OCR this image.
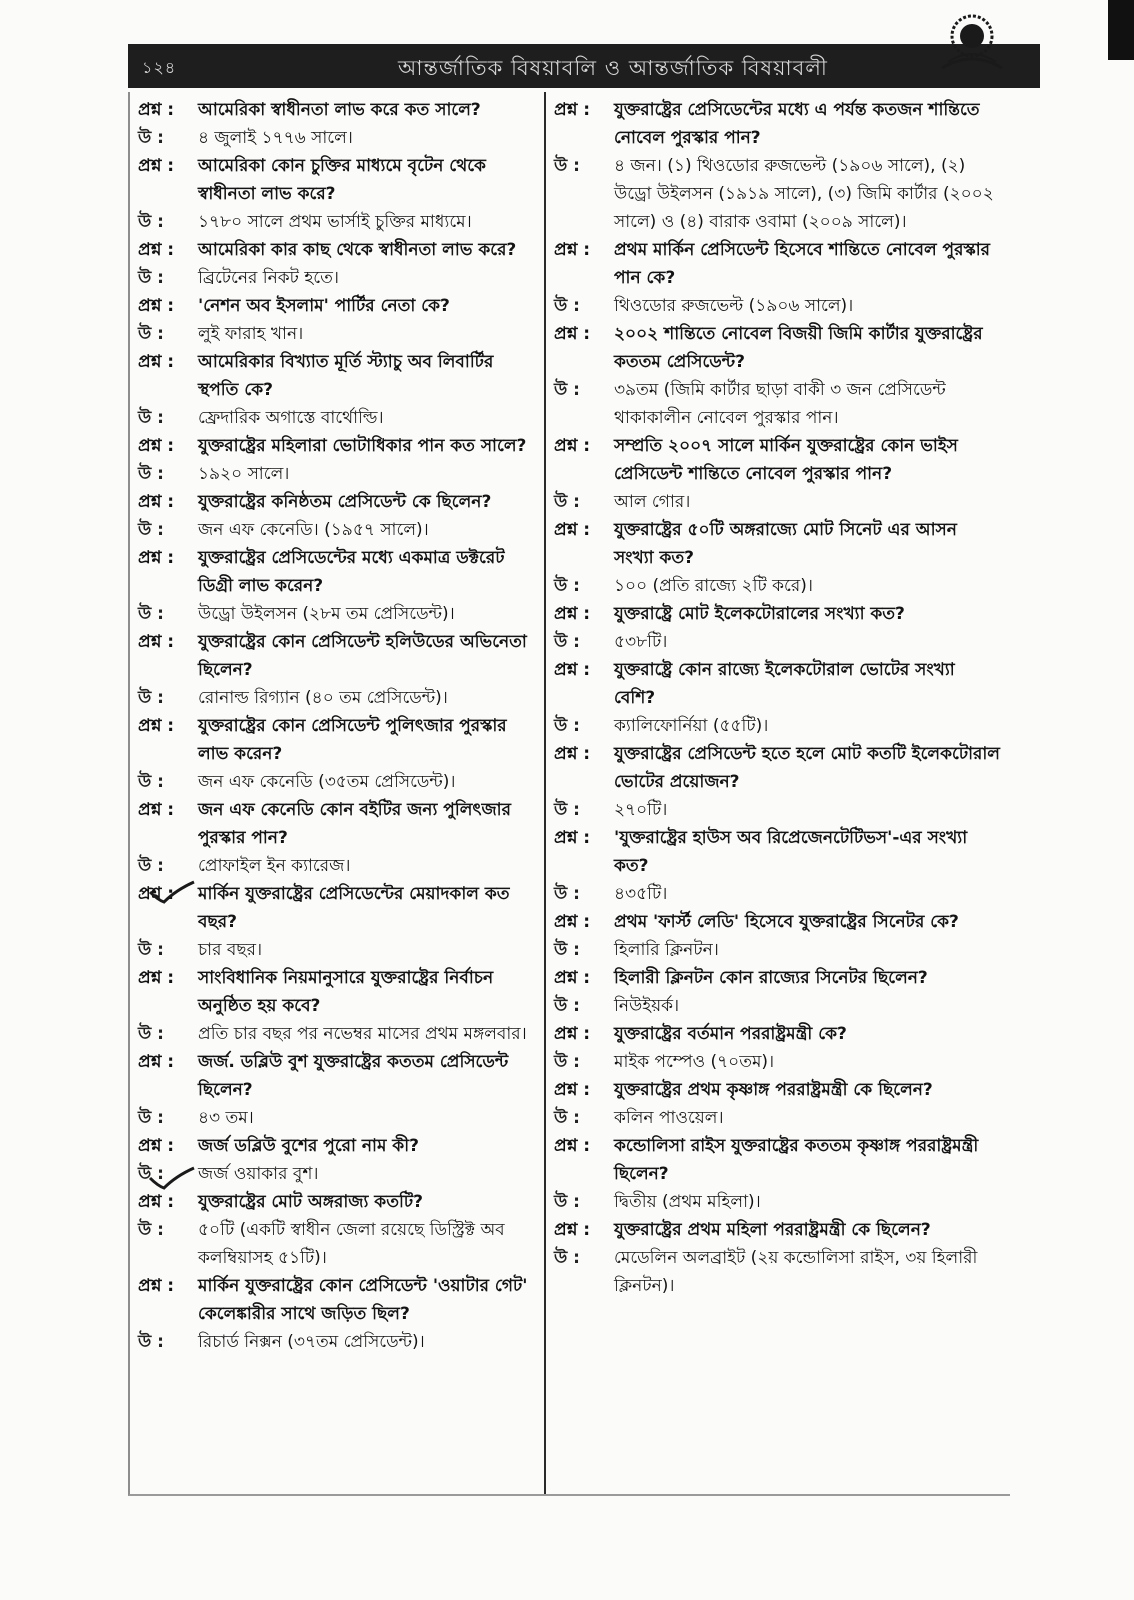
১২৪	আন্তর্জাতিক বিষয়াবলি ও আন্তর্জাতিক বিষয়াবলী
প্রশ্ন :	আমেরিকা স্বাধীনতা লাভ করে কত সালে?
উ :	৪ জুলাই ১৭৭৬ সালে।
প্রশ্ন :	আমেরিকা কোন চুক্তির মাধ্যমে বৃটেন থেকে স্বাধীনতা লাভ করে?
উ :	১৭৮০ সালে প্রথম ভার্সাই চুক্তির মাধ্যমে।
প্রশ্ন :	আমেরিকা কার কাছ থেকে স্বাধীনতা লাভ করে?
উ :	ব্রিটেনের নিকট হতে।
প্রশ্ন :	'নেশন অব ইসলাম' পার্টির নেতা কে?
উ :	লুই ফারাহ খান।
প্রশ্ন :	আমেরিকার বিখ্যাত মূর্তি স্ট্যাচু অব লিবার্টির স্থপতি কে?
উ :	ফ্রেদারিক অগাস্তে বার্থোল্ডি।
প্রশ্ন :	যুক্তরাষ্ট্রের মহিলারা ভোটাধিকার পান কত সালে?
উ :	১৯২০ সালে।
প্রশ্ন :	যুক্তরাষ্ট্রের কনিষ্ঠতম প্রেসিডেন্ট কে ছিলেন?
উ :	জন এফ কেনেডি। (১৯৫৭ সালে)।
প্রশ্ন :	যুক্তরাষ্ট্রের প্রেসিডেন্টের মধ্যে একমাত্র ডক্টরেট ডিগ্রী লাভ করেন?
উ :	উড্রো উইলসন (২৮ম তম প্রেসিডেন্ট)।
প্রশ্ন :	যুক্তরাষ্ট্রের কোন প্রেসিডেন্ট হলিউডের অভিনেতা ছিলেন?
উ :	রোনাল্ড রিগ্যান (৪০ তম প্রেসিডেন্ট)।
প্রশ্ন :	যুক্তরাষ্ট্রের কোন প্রেসিডেন্ট পুলিৎজার পুরস্কার লাভ করেন?
উ :	জন এফ কেনেডি (৩৫তম প্রেসিডেন্ট)।
প্রশ্ন :	জন এফ কেনেডি কোন বইটির জন্য পুলিৎজার পুরস্কার পান?
উ :	প্রোফাইল ইন ক্যারেজ।
প্রশ্ন :	মার্কিন যুক্তরাষ্ট্রের প্রেসিডেন্টের মেয়াদকাল কত বছর?
উ :	চার বছর।
প্রশ্ন :	সাংবিধানিক নিয়মানুসারে যুক্তরাষ্ট্রের নির্বাচন অনুষ্ঠিত হয় কবে?
উ :	প্রতি চার বছর পর নভেম্বর মাসের প্রথম মঙ্গলবার।
প্রশ্ন :	জর্জ. ডব্লিউ বুশ যুক্তরাষ্ট্রের কততম প্রেসিডেন্ট ছিলেন?
উ :	৪৩ তম।
প্রশ্ন :	জর্জ ডব্লিউ বুশের পুরো নাম কী?
উ :	জর্জ ওয়াকার বুশ।
প্রশ্ন :	যুক্তরাষ্ট্রের মোট অঙ্গরাজ্য কতটি?
উ :	৫০টি (একটি স্বাধীন জেলা রয়েছে ডিস্ট্রিক্ট অব কলম্বিয়াসহ ৫১টি)।
প্রশ্ন :	মার্কিন যুক্তরাষ্ট্রের কোন প্রেসিডেন্ট 'ওয়াটার গেট' কেলেঙ্কারীর সাথে জড়িত ছিল?
উ :	রিচার্ড নিক্সন (৩৭তম প্রেসিডেন্ট)।
প্রশ্ন :	যুক্তরাষ্ট্রের প্রেসিডেন্টের মধ্যে এ পর্যন্ত কতজন শান্তিতে নোবেল পুরস্কার পান?
উ :	৪ জন। (১) থিওডোর রুজভেল্ট (১৯০৬ সালে), (২) উড্রো উইলসন (১৯১৯ সালে), (৩) জিমি কার্টার (২০০২ সালে) ও (৪) বারাক ওবামা (২০০৯ সালে)।
প্রশ্ন :	প্রথম মার্কিন প্রেসিডেন্ট হিসেবে শান্তিতে নোবেল পুরস্কার পান কে?
উ :	থিওডোর রুজভেল্ট (১৯০৬ সালে)।
প্রশ্ন :	২০০২ শান্তিতে নোবেল বিজয়ী জিমি কার্টার যুক্তরাষ্ট্রের কততম প্রেসিডেন্ট?
উ :	৩৯তম (জিমি কার্টার ছাড়া বাকী ৩ জন প্রেসিডেন্ট থাকাকালীন নোবেল পুরস্কার পান।
প্রশ্ন :	সম্প্রতি ২০০৭ সালে মার্কিন যুক্তরাষ্ট্রের কোন ভাইস প্রেসিডেন্ট শান্তিতে নোবেল পুরস্কার পান?
উ :	আল গোর।
প্রশ্ন :	যুক্তরাষ্ট্রের ৫০টি অঙ্গরাজ্যে মোট সিনেট এর আসন সংখ্যা কত?
উ :	১০০ (প্রতি রাজ্যে ২টি করে)।
প্রশ্ন :	যুক্তরাষ্ট্রে মোট ইলেকটোরালের সংখ্যা কত?
উ :	৫৩৮টি।
প্রশ্ন :	যুক্তরাষ্ট্রে কোন রাজ্যে ইলেকটোরাল ভোটের সংখ্যা বেশি?
উ :	ক্যালিফোর্নিয়া (৫৫টি)।
প্রশ্ন :	যুক্তরাষ্ট্রের প্রেসিডেন্ট হতে হলে মোট কতটি ইলেকটোরাল ভোটের প্রয়োজন?
উ :	২৭০টি।
প্রশ্ন :	'যুক্তরাষ্ট্রের হাউস অব রিপ্রেজেনটেটিভস'-এর সংখ্যা কত?
উ :	৪৩৫টি।
প্রশ্ন :	প্রথম 'ফার্স্ট লেডি' হিসেবে যুক্তরাষ্ট্রের সিনেটর কে?
উ :	হিলারি ক্লিনটন।
প্রশ্ন :	হিলারী ক্লিনটন কোন রাজ্যের সিনেটর ছিলেন?
উ :	নিউইয়র্ক।
প্রশ্ন :	যুক্তরাষ্ট্রের বর্তমান পররাষ্ট্রমন্ত্রী কে?
উ :	মাইক পম্পেও (৭০তম)।
প্রশ্ন :	যুক্তরাষ্ট্রের প্রথম কৃষ্ণাঙ্গ পররাষ্ট্রমন্ত্রী কে ছিলেন?
উ :	কলিন পাওয়েল।
প্রশ্ন :	কন্ডোলিসা রাইস যুক্তরাষ্ট্রের কততম কৃষ্ণাঙ্গ পররাষ্ট্রমন্ত্রী ছিলেন?
উ :	দ্বিতীয় (প্রথম মহিলা)।
প্রশ্ন :	যুক্তরাষ্ট্রের প্রথম মহিলা পররাষ্ট্রমন্ত্রী কে ছিলেন?
উ :	মেডেলিন অলব্রাইট (২য় কন্ডোলিসা রাইস, ৩য় হিলারী ক্লিনটন)।
